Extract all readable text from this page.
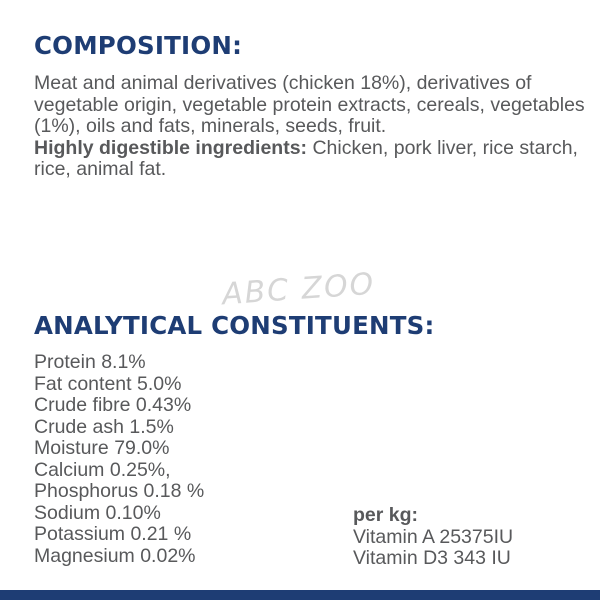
COMPOSITION:

Meat and animal derivatives (chicken 18%), derivatives of vegetable origin, vegetable protein extracts, cereals, vegetables (1%), oils and fats, minerals, seeds, fruit.

Highly digestible ingredients: Chicken, pork liver, rice starch, rice, animal fat.

ABC ZOO
ANALYTICAL CONSTITUENTS:
Protein 8.1%
Fat content 5.0%
Crude fibre 0.43%
Crude ash 1.5%
Moisture 79.0%
Calcium 0.25%,
Phosphorus 0.18 %
Sodium 0.10%
Potassium 0.21 %
Magnesium 0.02%
per kg:
Vitamin A 25375IU
Vitamin D3 343 IU
